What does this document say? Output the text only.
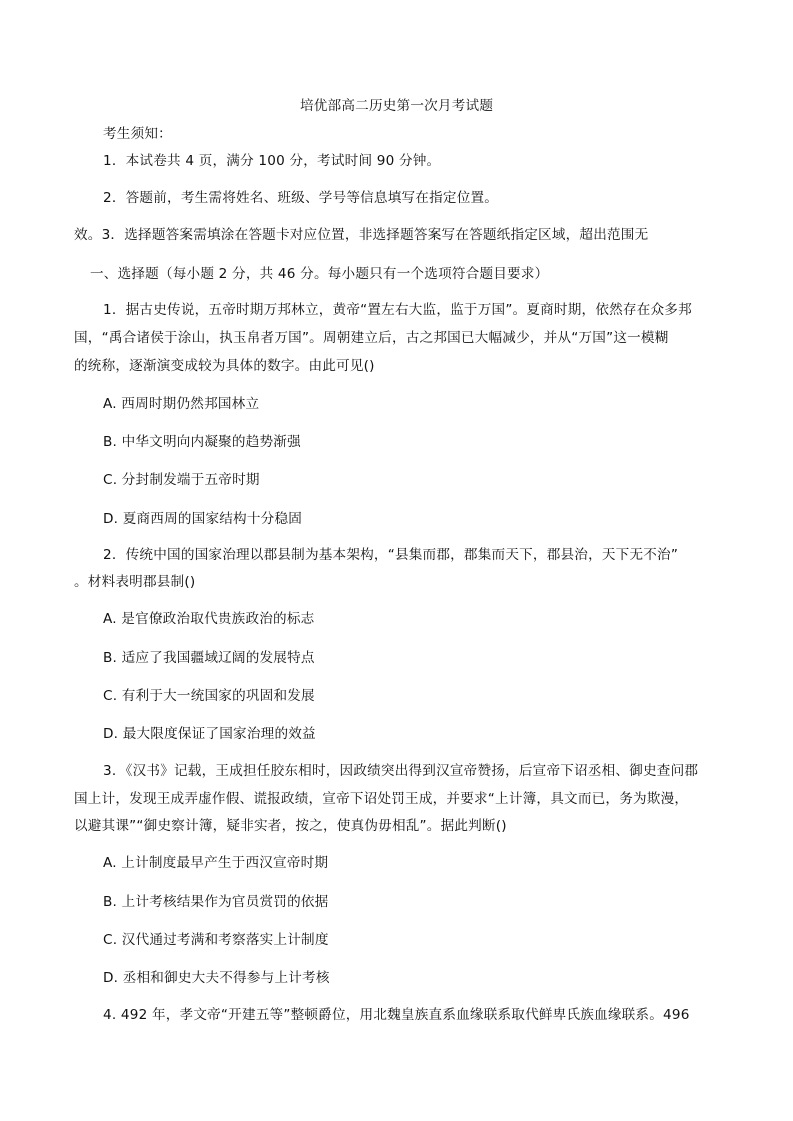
培优部高二历史第一次月考试题
考生须知：
1．本试卷共 4 页，满分 100 分，考试时间 90 分钟。
2．答题前，考生需将姓名、班级、学号等信息填写在指定位置。
效。3．选择题答案需填涂在答题卡对应位置，非选择题答案写在答题纸指定区域，超出范围无
一、选择题（每小题 2 分，共 46 分。每小题只有一个选项符合题目要求）
1．据古史传说，五帝时期万邦林立，黄帝“置左右大监，监于万国”。夏商时期，依然存在众多邦
国，“禹合诸侯于涂山，执玉帛者万国”。周朝建立后，古之邦国已大幅减少，并从“万国”这一模糊
的统称，逐渐演变成较为具体的数字。由此可见()
A. 西周时期仍然邦国林立
B. 中华文明向内凝聚的趋势渐强
C. 分封制发端于五帝时期
D. 夏商西周的国家结构十分稳固
2．传统中国的国家治理以郡县制为基本架构，“县集而郡，郡集而天下，郡县治，天下无不治”
。材料表明郡县制()
A. 是官僚政治取代贵族政治的标志
B. 适应了我国疆域辽阔的发展特点
C. 有利于大一统国家的巩固和发展
D. 最大限度保证了国家治理的效益
3．《汉书》记载，王成担任胶东相时，因政绩突出得到汉宣帝赞扬，后宣帝下诏丞相、御史查问郡
国上计，发现王成弄虚作假、谎报政绩，宣帝下诏处罚王成，并要求“上计簿，具文而已，务为欺漫，
以避其课”“御史察计簿，疑非实者，按之，使真伪毋相乱”。据此判断()
A. 上计制度最早产生于西汉宣帝时期
B. 上计考核结果作为官员赏罚的依据
C. 汉代通过考满和考察落实上计制度
D. 丞相和御史大夫不得参与上计考核
4. 492 年，孝文帝“开建五等”整顿爵位，用北魏皇族直系血缘联系取代鲜卑氏族血缘联系。496
